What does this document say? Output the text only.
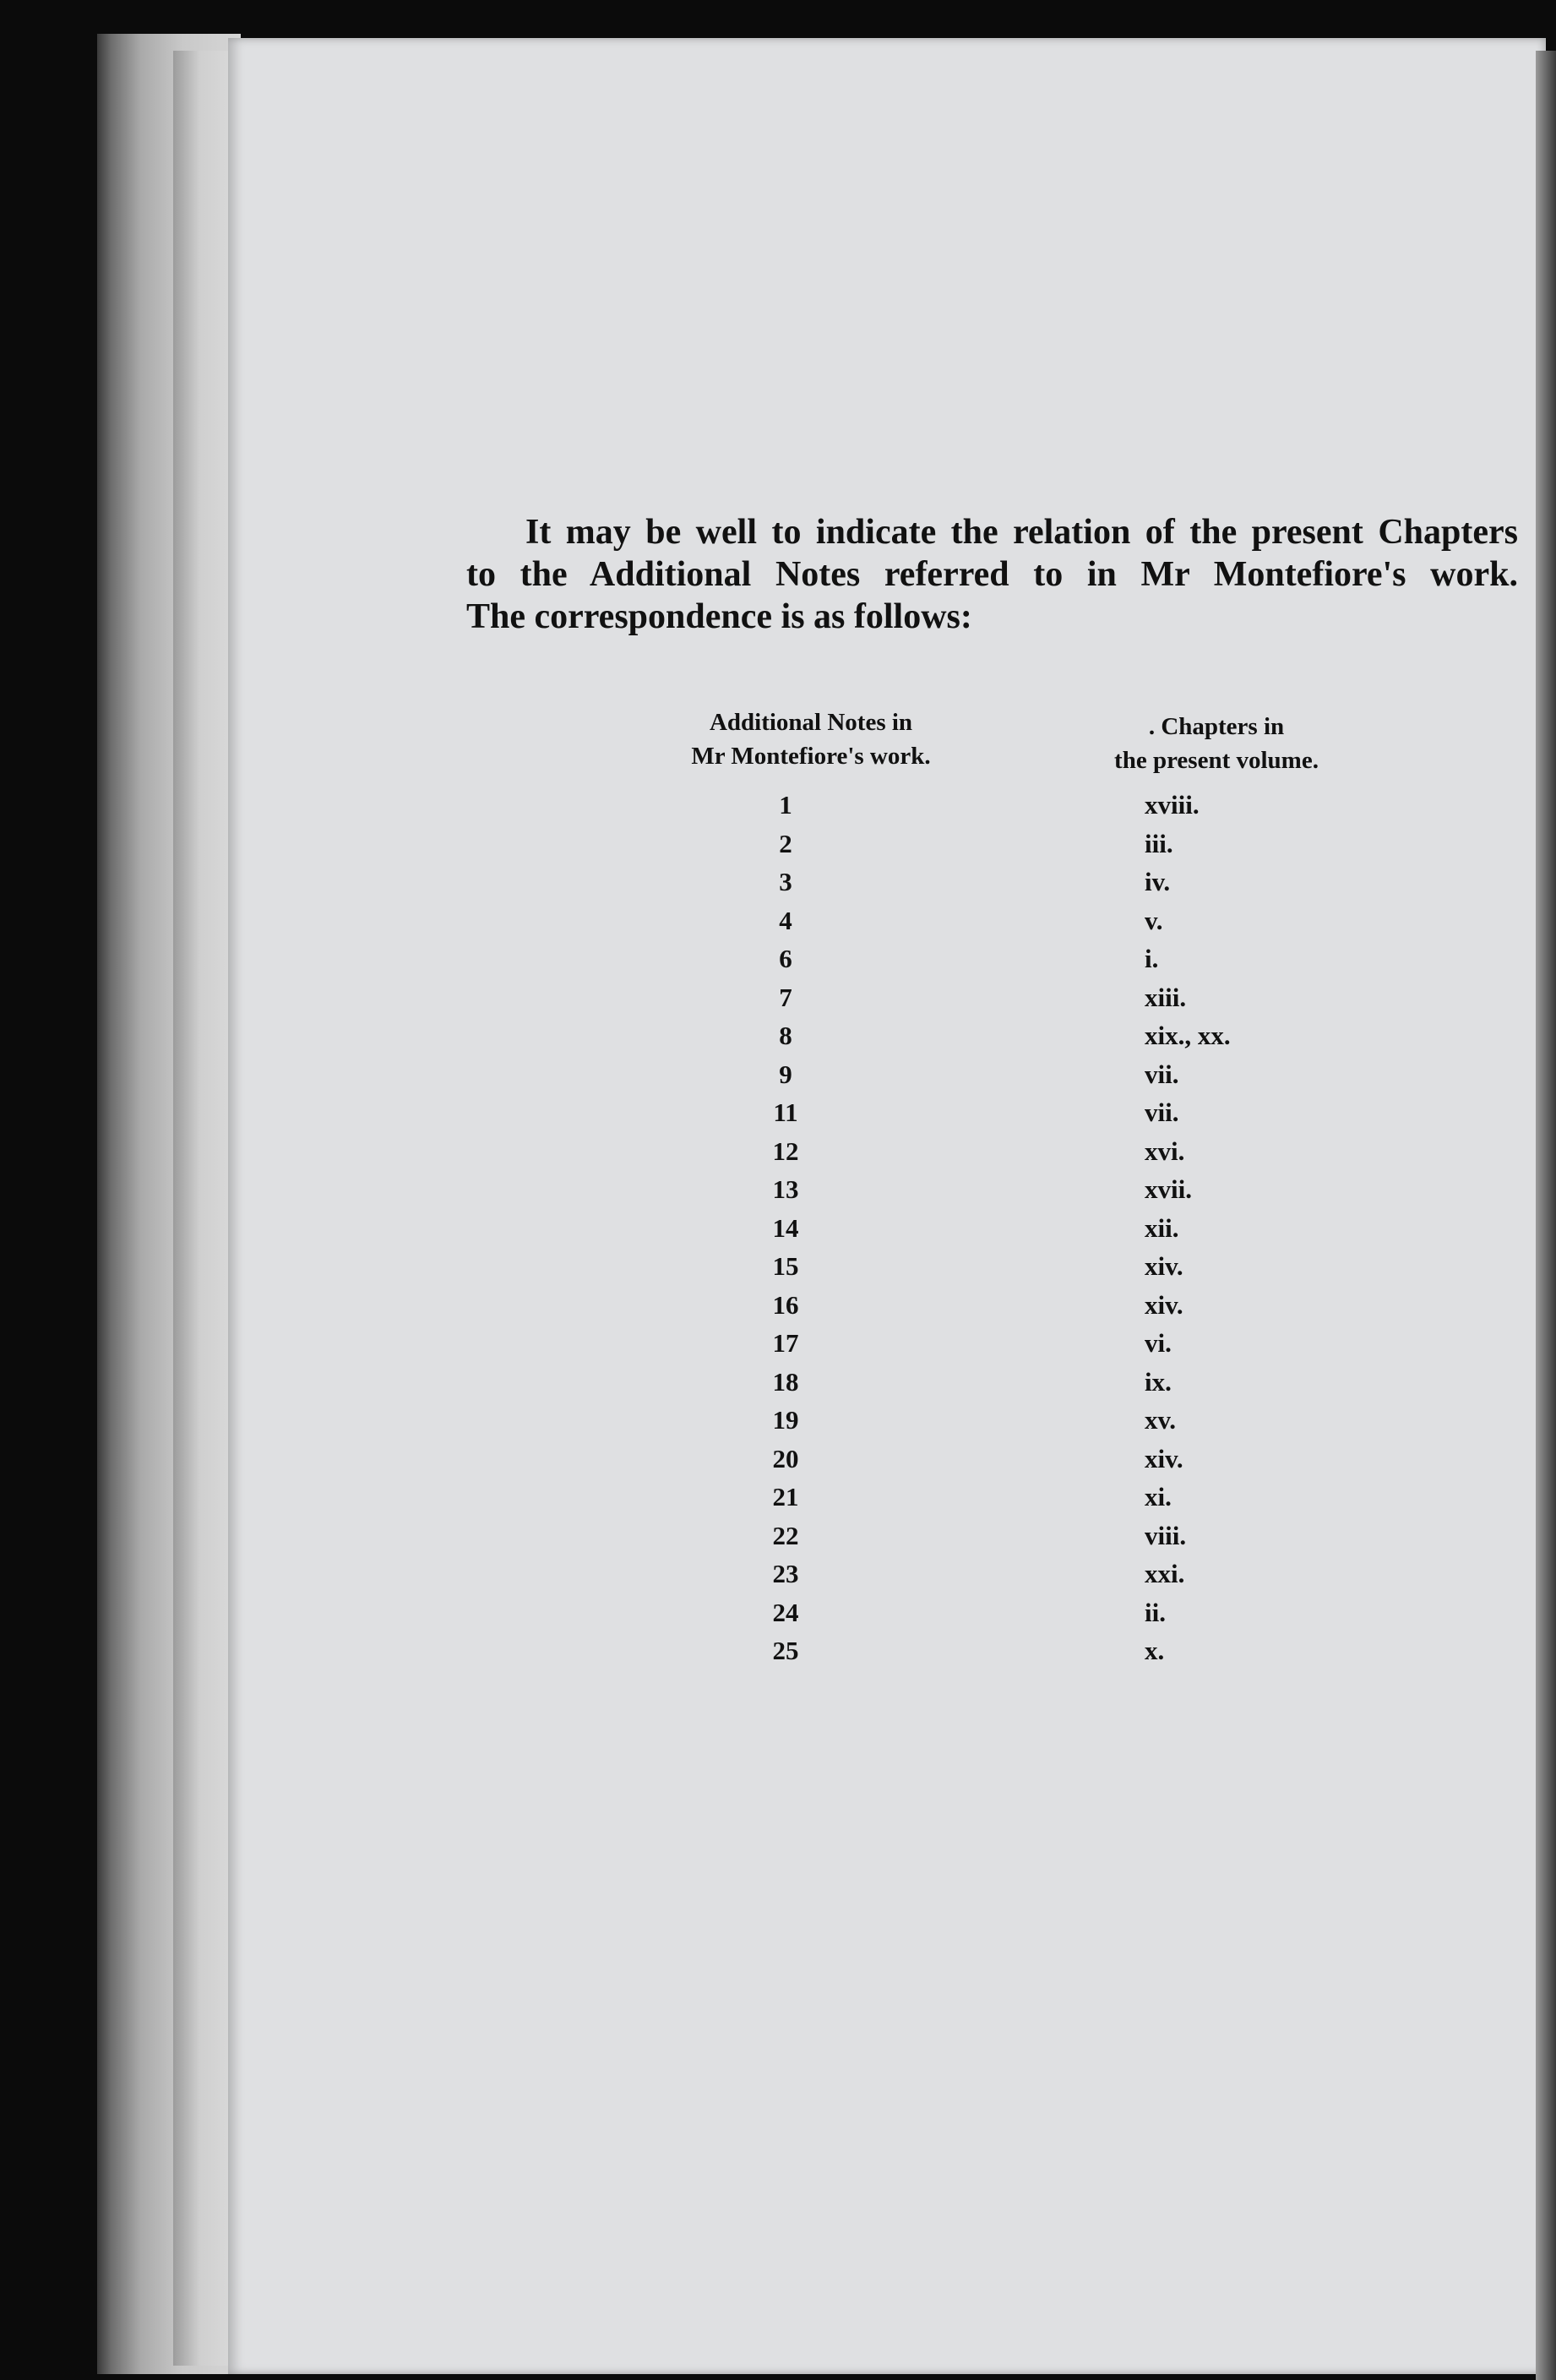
It may be well to indicate the relation of the present Chapters
to the Additional Notes referred to in Mr Montefiore's work.
The correspondence is as follows:

Additional Notes in
Mr Montefiore's work.
. Chapters in
the present volume.
1	xviii.
2	iii.
3	iv.
4	v.
6	i.
7	xiii.
8	xix., xx.
9	vii.
11	vii.
12	xvi.
13	xvii.
14	xii.
15	xiv.
16	xiv.
17	vi.
18	ix.
19	xv.
20	xiv.
21	xi.
22	viii.
23	xxi.
24	ii.
25	x.
